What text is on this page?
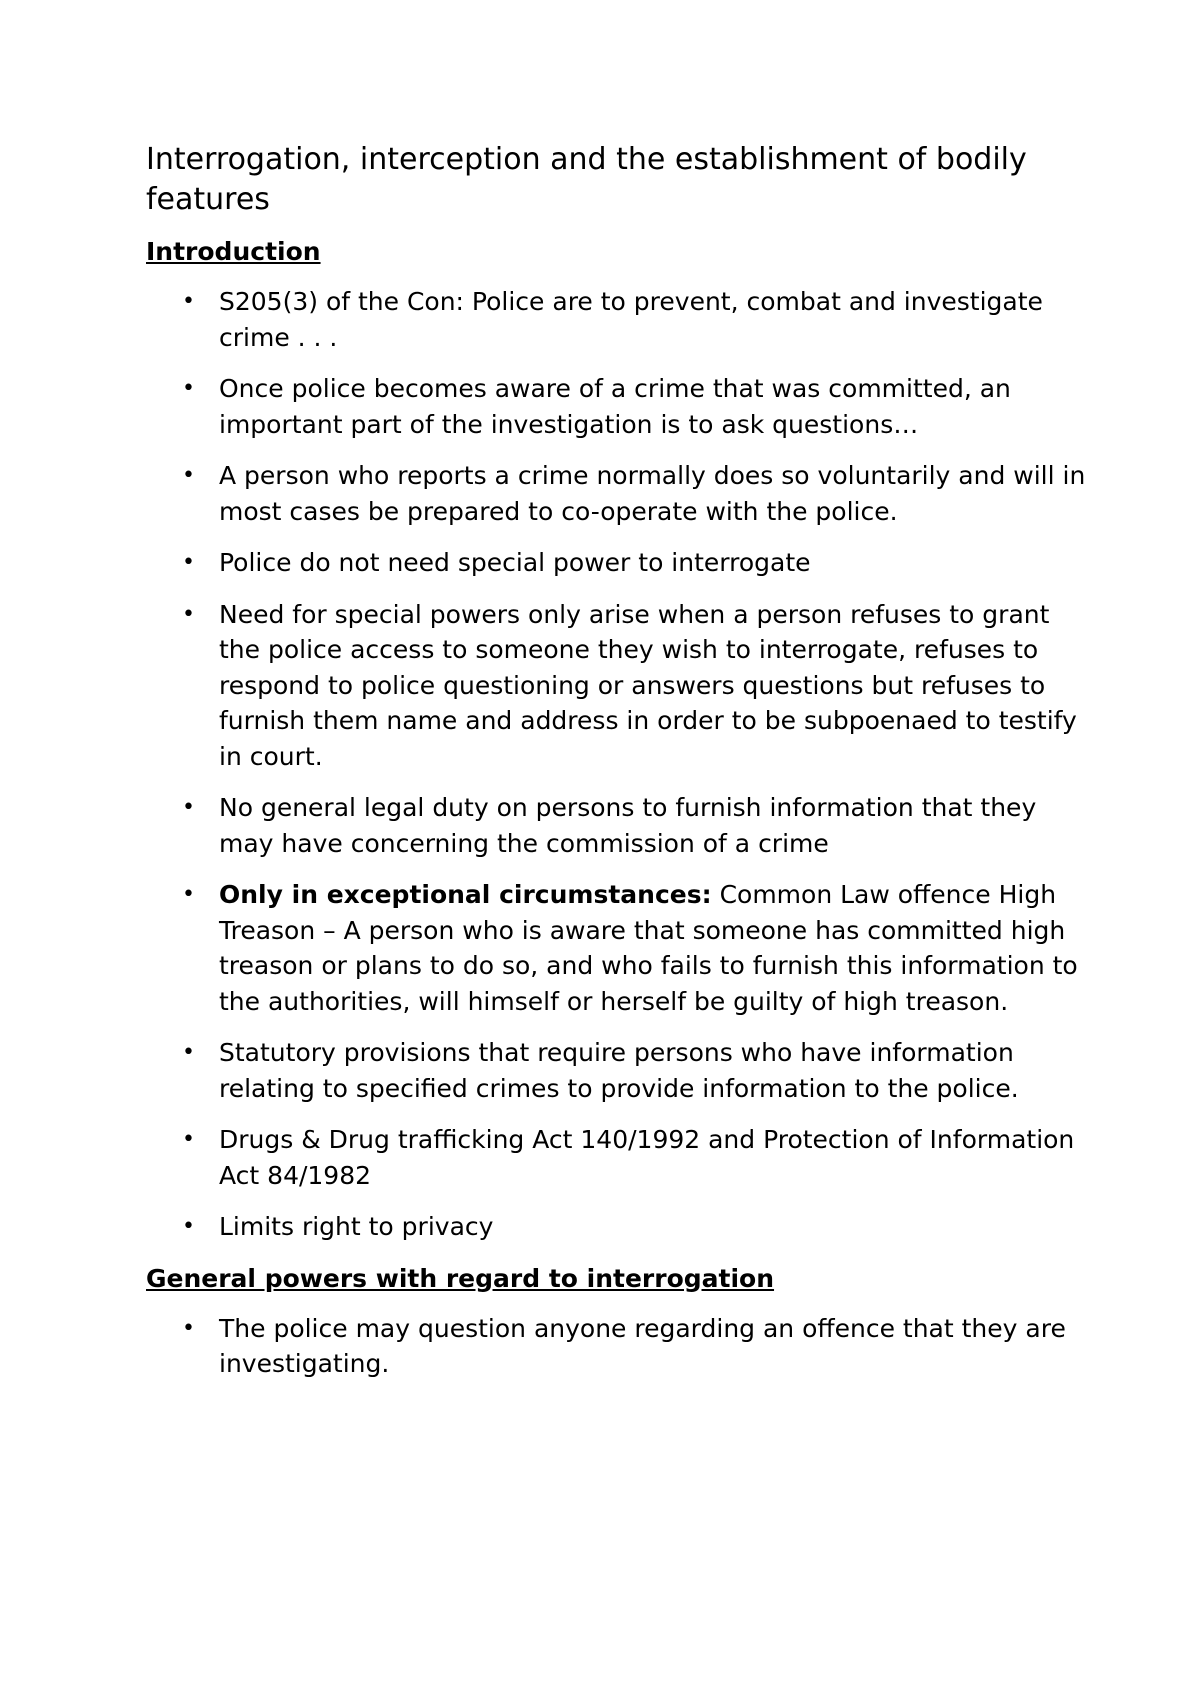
Interrogation, interception and the establishment of bodily features
Introduction
• S205(3) of the Con: Police are to prevent, combat and investigate crime . . .
• Once police becomes aware of a crime that was committed, an important part of the investigation is to ask questions…
• A person who reports a crime normally does so voluntarily and will in most cases be prepared to co-operate with the police.
• Police do not need special power to interrogate
• Need for special powers only arise when a person refuses to grant the police access to someone they wish to interrogate, refuses to respond to police questioning or answers questions but refuses to furnish them name and address in order to be subpoenaed to testify in court.
• No general legal duty on persons to furnish information that they may have concerning the commission of a crime
• Only in exceptional circumstances: Common Law offence High Treason – A person who is aware that someone has committed high treason or plans to do so, and who fails to furnish this information to the authorities, will himself or herself be guilty of high treason.
• Statutory provisions that require persons who have information relating to specified crimes to provide information to the police.
• Drugs & Drug trafficking Act 140/1992 and Protection of Information Act 84/1982
• Limits right to privacy
General powers with regard to interrogation
• The police may question anyone regarding an offence that they are investigating.
